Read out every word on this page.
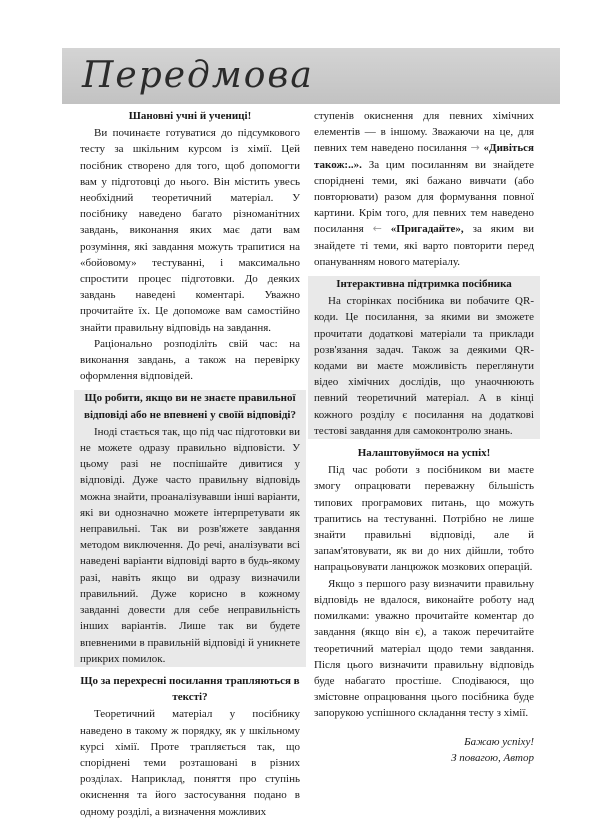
Передмова
Шановні учні й учениці!

Ви починаєте готуватися до підсумкового тесту за шкільним курсом із хімії. Цей посібник створено для того, щоб допомогти вам у підготовці до нього. Він містить увесь необхідний теоретичний матеріал. У посібнику наведено багато різноманітних завдань, виконання яких має дати вам розуміння, які завдання можуть трапитися на «бойовому» тестуванні, і максимально спростити процес підготовки. До деяких завдань наведені коментарі. Уважно прочитайте їх. Це допоможе вам самостійно знайти правильну відповідь на завдання.

Раціонально розподіліть свій час: на виконання завдань, а також на перевірку оформлення відповідей.

Що робити, якщо ви не знаєте правильної відповіді або не впевнені у своїй відповіді?

Іноді стається так, що під час підготовки ви не можете одразу правильно відповісти. У цьому разі не поспішайте дивитися у відповіді. Дуже часто правильну відповідь можна знайти, проаналізувавши інші варіанти, які ви однозначно можете інтерпретувати як неправильні. Так ви розв'яжете завдання методом виключення. До речі, аналізувати всі наведені варіанти відповіді варто в будь-якому разі, навіть якщо ви одразу визначили правильний. Дуже корисно в кожному завданні довести для себе неправильність інших варіантів. Лише так ви будете впевненими в правильній відповіді й уникнете прикрих помилок.

Що за перехресні посилання трапляються в тексті?

Теоретичний матеріал у посібнику наведено в такому ж порядку, як у шкільному курсі хімії. Проте трапляється так, що споріднені теми розташовані в різних розділах. Наприклад, поняття про ступінь окиснення та його застосування подано в одному розділі, а визначення можливих

ступенів окиснення для певних хімічних елементів — в іншому. Зважаючи на це, для певних тем наведено посилання → «Дивіться також:..». За цим посиланням ви знайдете споріднені теми, які бажано вивчати (або повторювати) разом для формування повної картини. Крім того, для певних тем наведено посилання ← «Пригадайте», за яким ви знайдете ті теми, які варто повторити перед опануванням нового матеріалу.

Інтерактивна підтримка посібника

На сторінках посібника ви побачите QR-коди. Це посилання, за якими ви зможете прочитати додаткові матеріали та приклади розв'язання задач. Також за деякими QR-кодами ви маєте можливість переглянути відео хімічних дослідів, що унаочнюють певний теоретичний матеріал. А в кінці кожного розділу є посилання на додаткові тестові завдання для самоконтролю знань.

Налаштовуймося на успіх!

Під час роботи з посібником ви маєте змогу опрацювати переважну більшість типових програмових питань, що можуть трапитись на тестуванні. Потрібно не лише знайти правильні відповіді, але й запам'ятовувати, як ви до них дійшли, тобто напрацьовувати ланцюжок мозкових операцій.

Якщо з першого разу визначити правильну відповідь не вдалося, виконайте роботу над помилками: уважно прочитайте коментар до завдання (якщо він є), а також перечитайте теоретичний матеріал щодо теми завдання. Після цього визначити правильну відповідь буде набагато простіше. Сподіваюся, що змістовне опрацювання цього посібника буде запорукою успішного складання тесту з хімії.

Бажаю успіху!
З повагою, Автор
